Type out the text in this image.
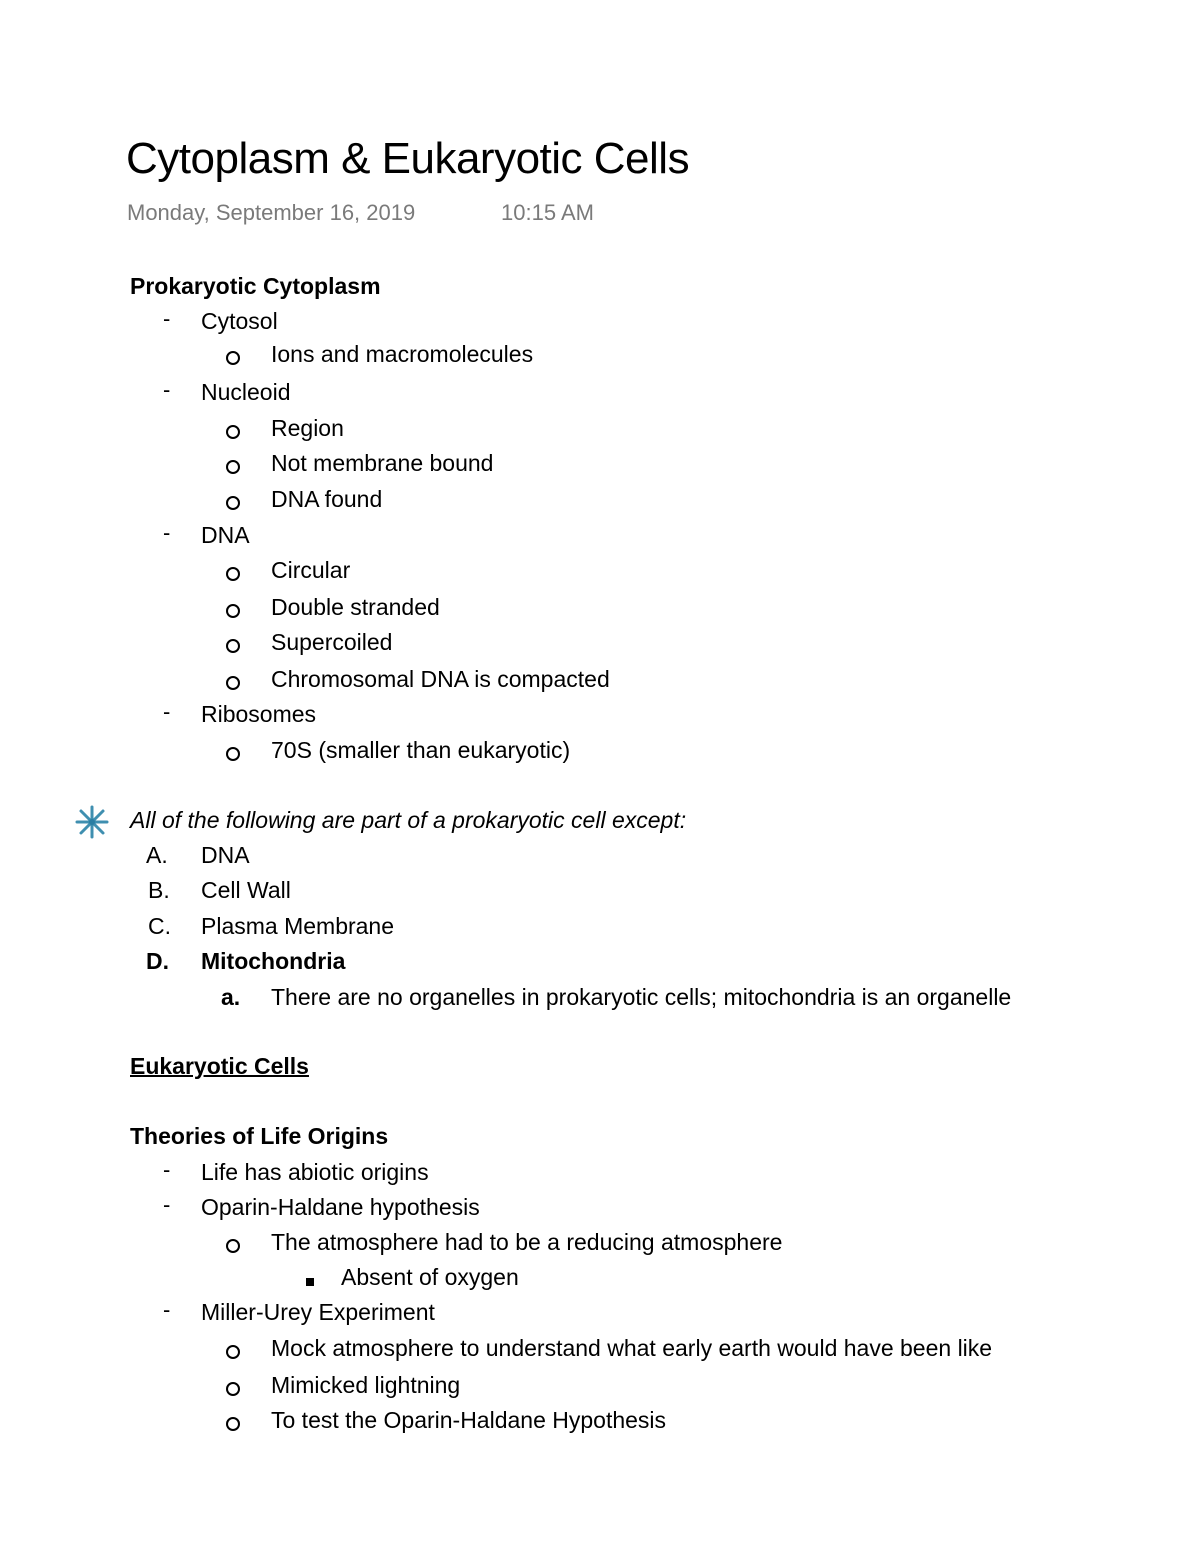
Cytoplasm & Eukaryotic Cells
Monday, September 16, 2019	10:15 AM
Prokaryotic Cytoplasm
- Cytosol
Ions and macromolecules
- Nucleoid
Region
Not membrane bound
DNA found
- DNA
Circular
Double stranded
Supercoiled
Chromosomal DNA is compacted
- Ribosomes
70S (smaller than eukaryotic)
All of the following are part of a prokaryotic cell except:
A. DNA
B. Cell Wall
C. Plasma Membrane
D. Mitochondria
a. There are no organelles in prokaryotic cells; mitochondria is an organelle
Eukaryotic Cells
Theories of Life Origins
- Life has abiotic origins
- Oparin-Haldane hypothesis
The atmosphere had to be a reducing atmosphere
Absent of oxygen
- Miller-Urey Experiment
Mock atmosphere to understand what early earth would have been like
Mimicked lightning
To test the Oparin-Haldane Hypothesis
